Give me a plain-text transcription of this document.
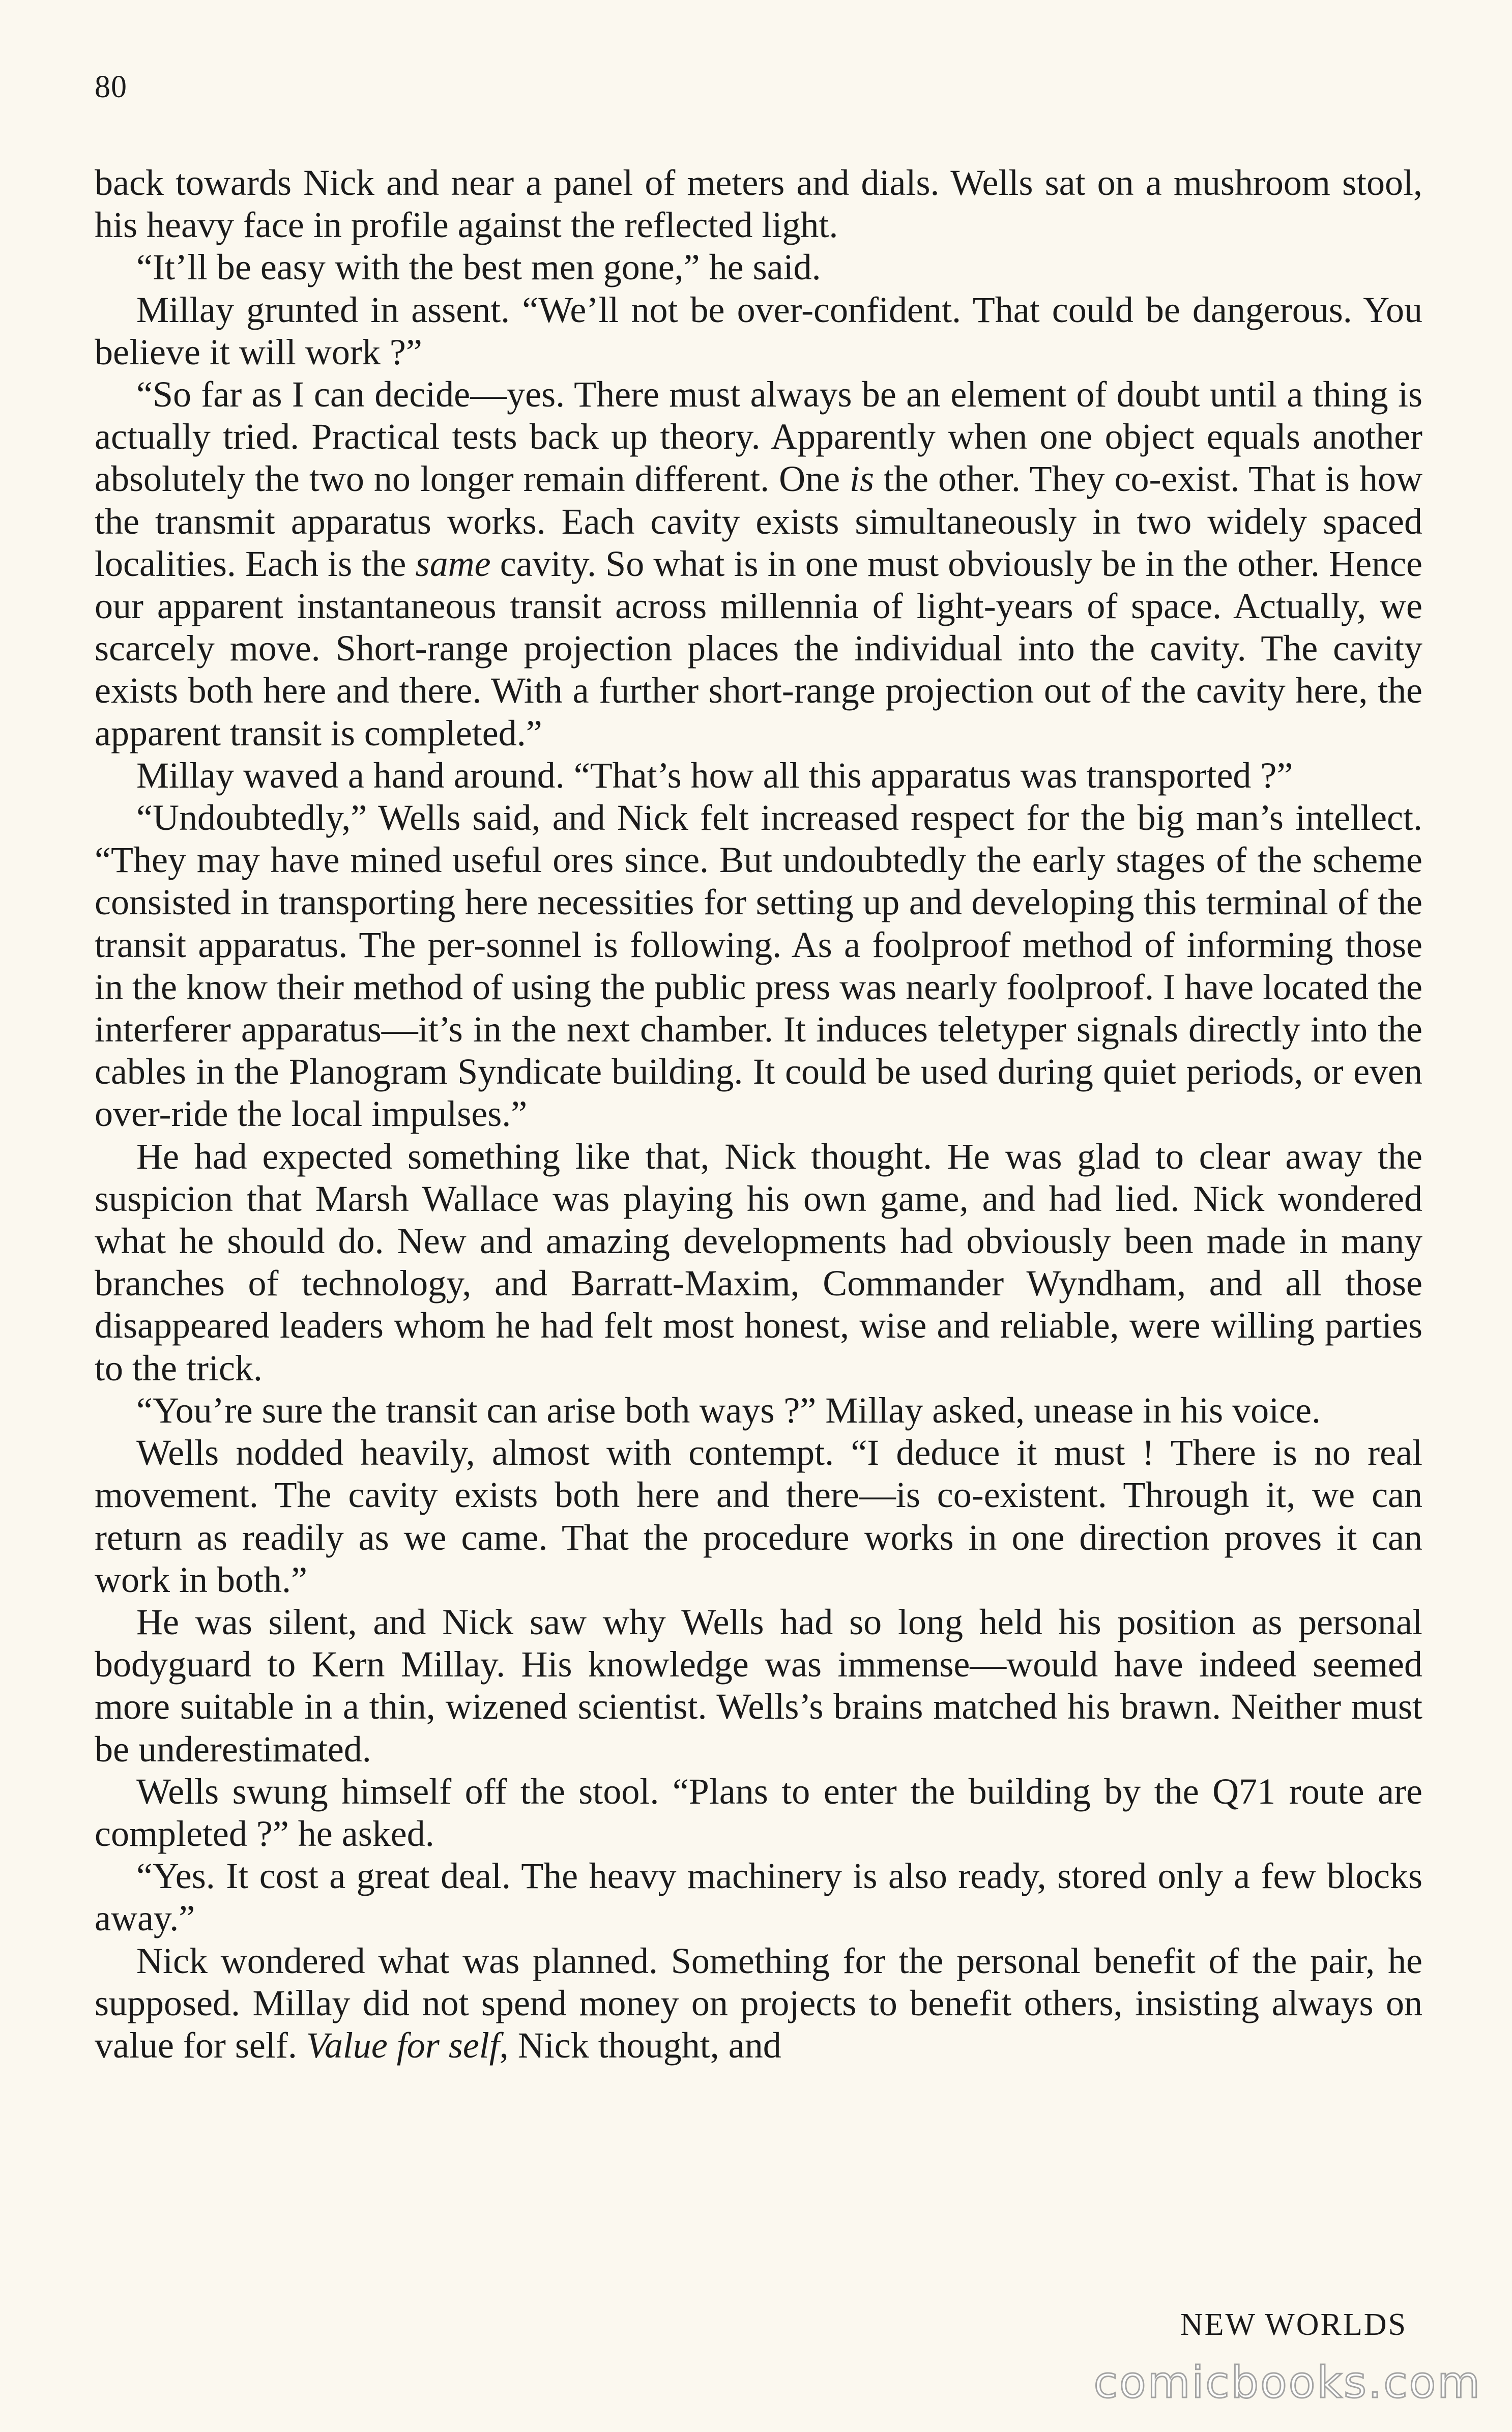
80

back towards Nick and near a panel of meters and dials. Wells sat on a mushroom stool, his heavy face in profile against the reflected light.

“It’ll be easy with the best men gone,” he said.

Millay grunted in assent. “We’ll not be over-confident. That could be dangerous. You believe it will work ?”

“So far as I can decide—yes. There must always be an element of doubt until a thing is actually tried. Practical tests back up theory. Apparently when one object equals another absolutely the two no longer remain different. One is the other. They co-exist. That is how the transmit apparatus works. Each cavity exists simultaneously in two widely spaced localities. Each is the same cavity. So what is in one must obviously be in the other. Hence our apparent instantaneous transit across millennia of light-years of space. Actually, we scarcely move. Short-range projection places the individual into the cavity. The cavity exists both here and there. With a further short-range projection out of the cavity here, the apparent transit is completed.”

Millay waved a hand around. “That’s how all this apparatus was transported ?”

“Undoubtedly,” Wells said, and Nick felt increased respect for the big man’s intellect. “They may have mined useful ores since. But undoubtedly the early stages of the scheme consisted in transporting here necessities for setting up and developing this terminal of the transit apparatus. The per-sonnel is following. As a foolproof method of informing those in the know their method of using the public press was nearly foolproof. I have located the interferer apparatus—it’s in the next chamber. It induces teletyper signals directly into the cables in the Planogram Syndicate building. It could be used during quiet periods, or even over-ride the local impulses.”

He had expected something like that, Nick thought. He was glad to clear away the suspicion that Marsh Wallace was playing his own game, and had lied. Nick wondered what he should do. New and amazing developments had obviously been made in many branches of technology, and Barratt-Maxim, Commander Wyndham, and all those disappeared leaders whom he had felt most honest, wise and reliable, were willing parties to the trick.

“You’re sure the transit can arise both ways ?” Millay asked, unease in his voice.

Wells nodded heavily, almost with contempt. “I deduce it must ! There is no real movement. The cavity exists both here and there—is co-existent. Through it, we can return as readily as we came. That the procedure works in one direction proves it can work in both.”

He was silent, and Nick saw why Wells had so long held his position as personal bodyguard to Kern Millay. His knowledge was immense—would have indeed seemed more suitable in a thin, wizened scientist. Wells’s brains matched his brawn. Neither must be underestimated.

Wells swung himself off the stool. “Plans to enter the building by the Q71 route are completed ?” he asked.

“Yes. It cost a great deal. The heavy machinery is also ready, stored only a few blocks away.”

Nick wondered what was planned. Something for the personal benefit of the pair, he supposed. Millay did not spend money on projects to benefit others, insisting always on value for self. Value for self, Nick thought, and

NEW WORLDS
comicbooks.com
